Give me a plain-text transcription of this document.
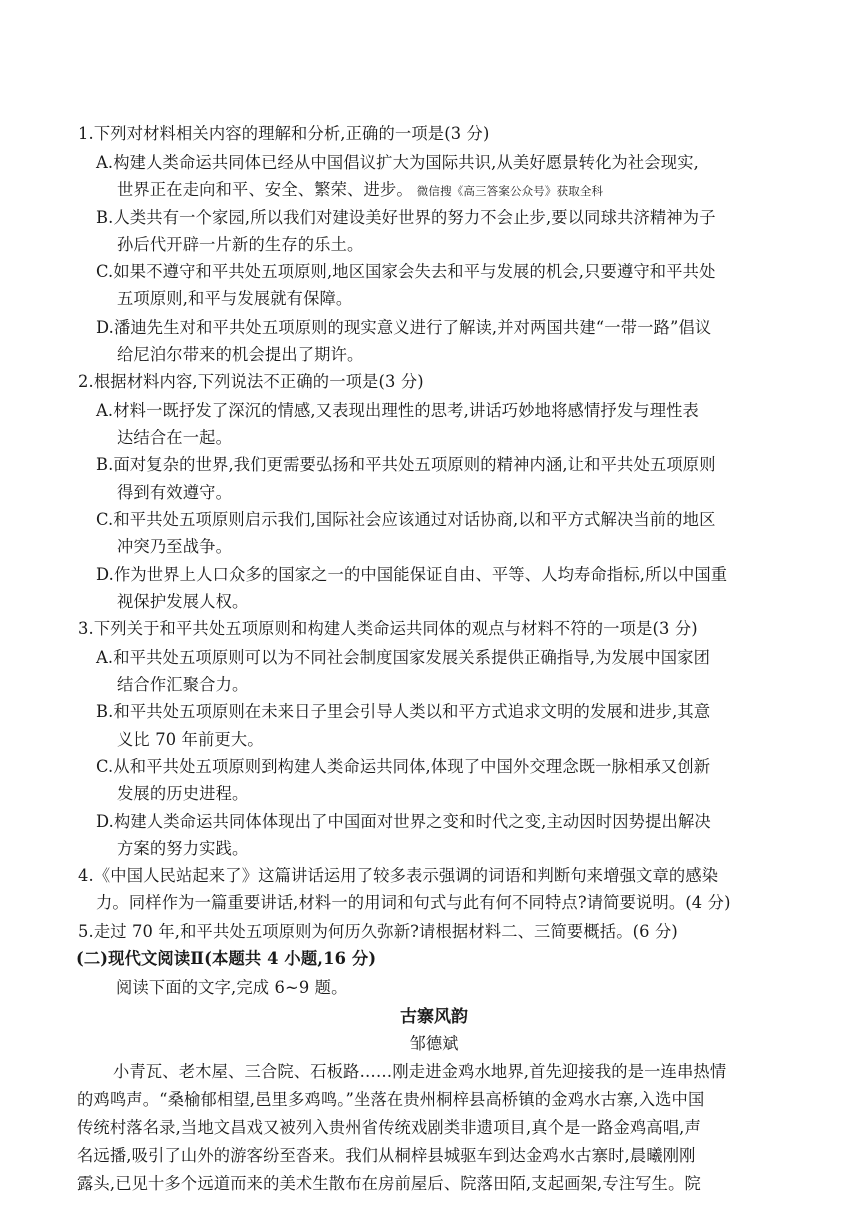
1.下列对材料相关内容的理解和分析,正确的一项是(3 分)
A.构建人类命运共同体已经从中国倡议扩大为国际共识,从美好愿景转化为社会现实,
世界正在走向和平、安全、繁荣、进步。 微信搜《高三答案公众号》获取全科
B.人类共有一个家园,所以我们对建设美好世界的努力不会止步,要以同球共济精神为子
孙后代开辟一片新的生存的乐土。
C.如果不遵守和平共处五项原则,地区国家会失去和平与发展的机会,只要遵守和平共处
五项原则,和平与发展就有保障。
D.潘迪先生对和平共处五项原则的现实意义进行了解读,并对两国共建“一带一路”倡议
给尼泊尔带来的机会提出了期许。
2.根据材料内容,下列说法不正确的一项是(3 分)
A.材料一既抒发了深沉的情感,又表现出理性的思考,讲话巧妙地将感情抒发与理性表
达结合在一起。
B.面对复杂的世界,我们更需要弘扬和平共处五项原则的精神内涵,让和平共处五项原则
得到有效遵守。
C.和平共处五项原则启示我们,国际社会应该通过对话协商,以和平方式解决当前的地区
冲突乃至战争。
D.作为世界上人口众多的国家之一的中国能保证自由、平等、人均寿命指标,所以中国重
视保护发展人权。
3.下列关于和平共处五项原则和构建人类命运共同体的观点与材料不符的一项是(3 分)
A.和平共处五项原则可以为不同社会制度国家发展关系提供正确指导,为发展中国家团
结合作汇聚合力。
B.和平共处五项原则在未来日子里会引导人类以和平方式追求文明的发展和进步,其意
义比 70 年前更大。
C.从和平共处五项原则到构建人类命运共同体,体现了中国外交理念既一脉相承又创新
发展的历史进程。
D.构建人类命运共同体体现出了中国面对世界之变和时代之变,主动因时因势提出解决
方案的努力实践。
4.《中国人民站起来了》这篇讲话运用了较多表示强调的词语和判断句来增强文章的感染
力。同样作为一篇重要讲话,材料一的用词和句式与此有何不同特点?请简要说明。(4 分)
5.走过 70 年,和平共处五项原则为何历久弥新?请根据材料二、三简要概括。(6 分)
(二)现代文阅读Ⅱ(本题共 4 小题,16 分)
阅读下面的文字,完成 6~9 题。
古寨风韵
邹德斌
小青瓦、老木屋、三合院、石板路……刚走进金鸡水地界,首先迎接我的是一连串热情
的鸡鸣声。“桑榆郁相望,邑里多鸡鸣。”坐落在贵州桐梓县高桥镇的金鸡水古寨,入选中国
传统村落名录,当地文昌戏又被列入贵州省传统戏剧类非遗项目,真个是一路金鸡高唱,声
名远播,吸引了山外的游客纷至沓来。我们从桐梓县城驱车到达金鸡水古寨时,晨曦刚刚
露头,已见十多个远道而来的美术生散布在房前屋后、院落田陌,支起画架,专注写生。院
